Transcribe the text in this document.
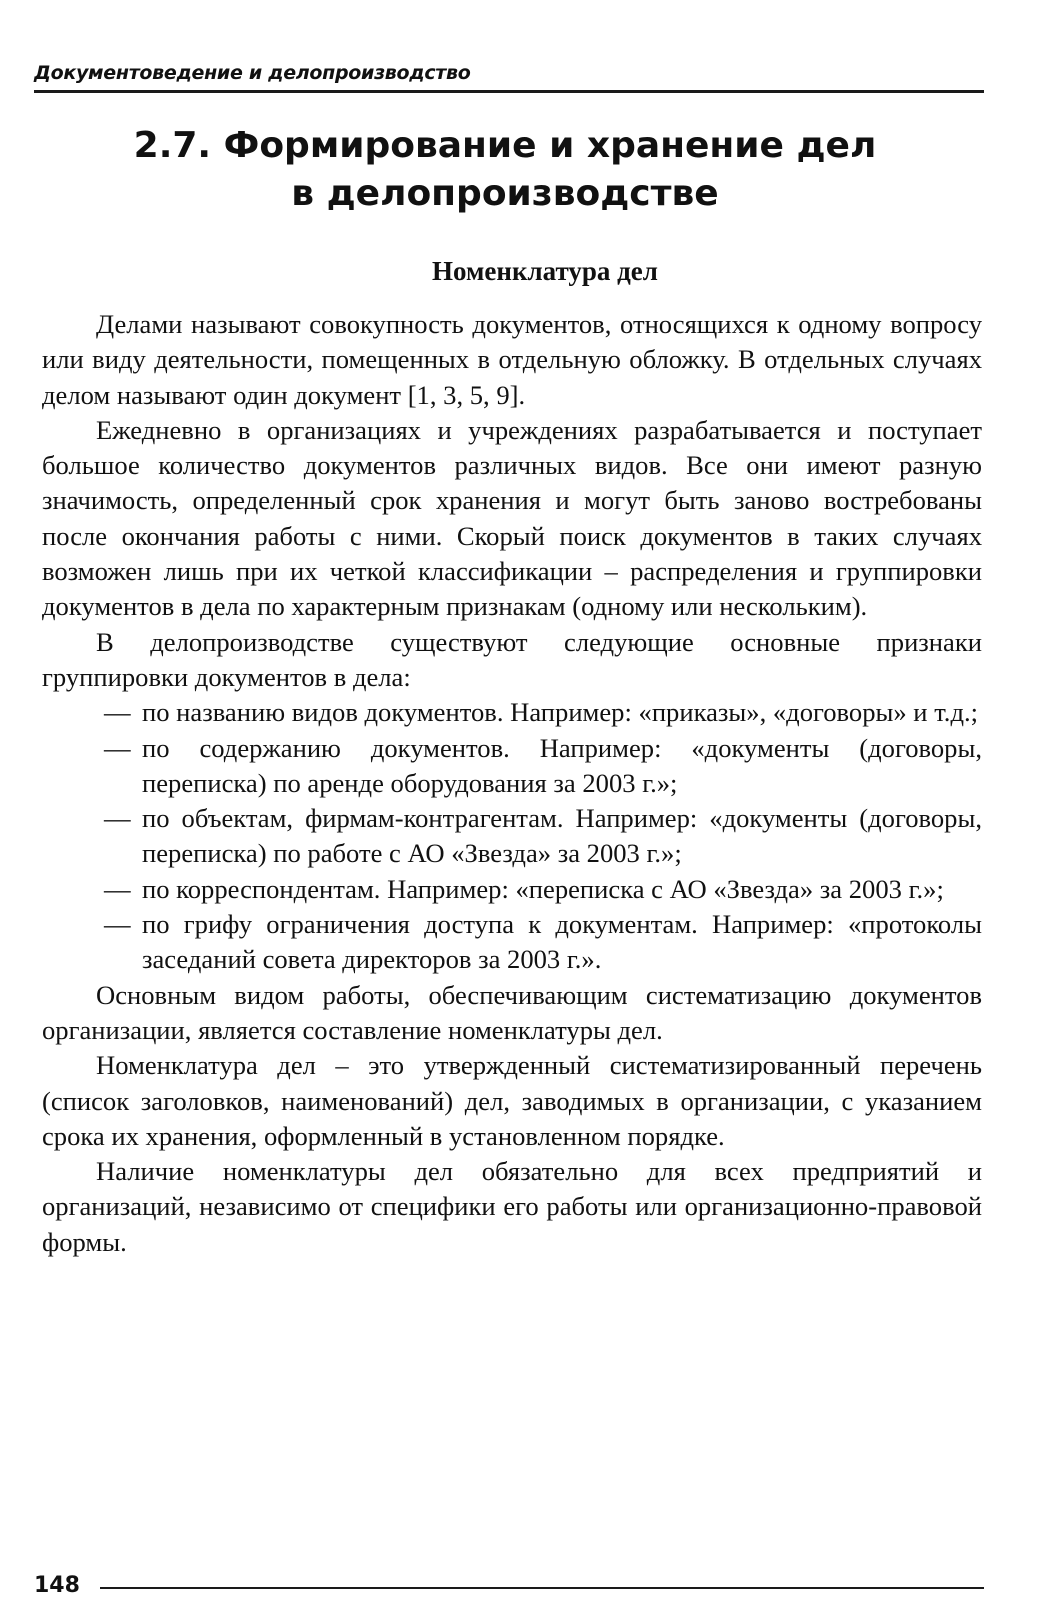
Документоведение и делопроизводство
2.7. Формирование и хранение дел
в делопроизводстве
Номенклатура дел

Делами называют совокупность документов, относящихся к одному вопросу или виду деятельности, помещенных в отдельную обложку. В отдельных случаях делом называют один документ [1, 3, 5, 9].

Ежедневно в организациях и учреждениях разрабатывается и поступает большое количество документов различных видов. Все они имеют разную значимость, определенный срок хранения и могут быть заново востребованы после окончания работы с ними. Скорый поиск документов в таких случаях возможен лишь при их четкой классификации – распределения и группировки документов в дела по характерным признакам (одному или нескольким).

В делопроизводстве существуют следующие основные признаки группировки документов в дела:

— по названию видов документов. Например: «приказы», «договоры» и т.д.;
— по содержанию документов. Например: «документы (договоры, переписка) по аренде оборудования за 2003 г.»;
— по объектам, фирмам-контрагентам. Например: «документы (договоры, переписка) по работе с АО «Звезда» за 2003 г.»;
— по корреспондентам. Например: «переписка с АО «Звезда» за 2003 г.»;
— по грифу ограничения доступа к документам. Например: «протоколы заседаний совета директоров за 2003 г.».

Основным видом работы, обеспечивающим систематизацию документов организации, является составление номенклатуры дел.

Номенклатура дел – это утвержденный систематизированный перечень (список заголовков, наименований) дел, заводимых в организации, с указанием срока их хранения, оформленный в установленном порядке.

Наличие номенклатуры дел обязательно для всех предприятий и организаций, независимо от специфики его работы или организационно-правовой формы.

148
